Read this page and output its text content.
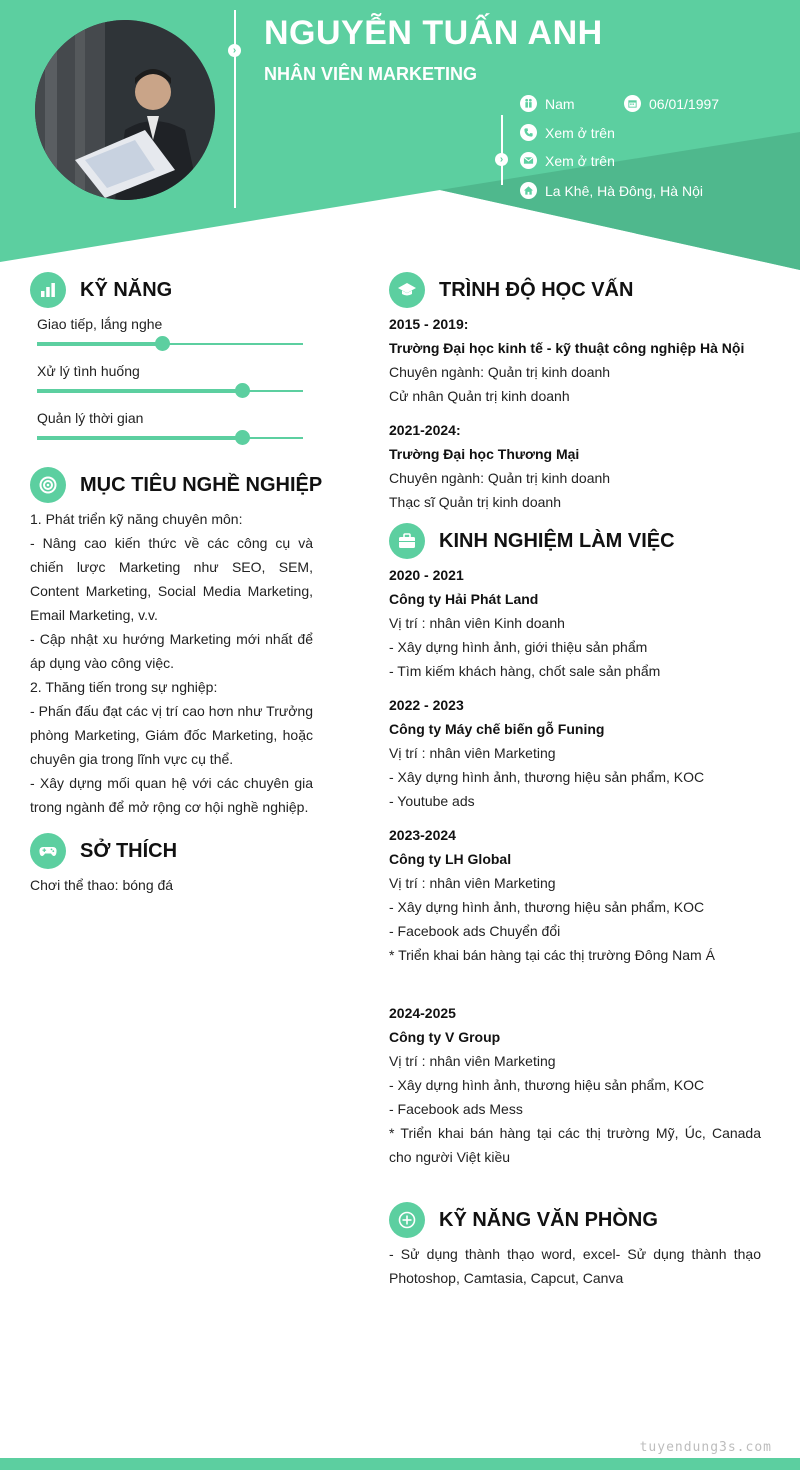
›
›
NGUYỄN TUẤN ANH
NHÂN VIÊN MARKETING
Nam	06/01/1997
Xem ở trên
Xem ở trên
La Khê, Hà Đông, Hà Nội
KỸ NĂNG
Giao tiếp, lắng nghe
Xử lý tình huống
Quản lý thời gian
MỤC TIÊU NGHỀ NGHIỆP

1. Phát triển kỹ năng chuyên môn:

- Nâng cao kiến thức về các công cụ và chiến lược Marketing như SEO, SEM, Content Marketing, Social Media Marketing, Email Marketing, v.v.

- Cập nhật xu hướng Marketing mới nhất để áp dụng vào công việc.

2. Thăng tiến trong sự nghiệp:

- Phấn đấu đạt các vị trí cao hơn như Trưởng phòng Marketing, Giám đốc Marketing, hoặc chuyên gia trong lĩnh vực cụ thể.

- Xây dựng mối quan hệ với các chuyên gia trong ngành để mở rộng cơ hội nghề nghiệp.

SỞ THÍCH

Chơi thể thao: bóng đá

TRÌNH ĐỘ HỌC VẤN

2015 - 2019:

Trường Đại học kinh tế - kỹ thuật công nghiệp Hà Nội

Chuyên ngành: Quản trị kinh doanh

Cử nhân Quản trị kinh doanh

2021-2024:

Trường Đại học Thương Mại

Chuyên ngành: Quản trị kinh doanh

Thạc sĩ Quản trị kinh doanh

KINH NGHIỆM LÀM VIỆC

2020 - 2021

Công ty Hải Phát Land

Vị trí : nhân viên Kinh doanh

- Xây dựng hình ảnh, giới thiệu sản phẩm

- Tìm kiếm khách hàng, chốt sale sản phẩm

2022 - 2023

Công ty Máy chế biến gỗ Funing

Vị trí : nhân viên Marketing

- Xây dựng hình ảnh, thương hiệu sản phẩm, KOC

- Youtube ads

2023-2024

Công ty LH Global

Vị trí : nhân viên Marketing

- Xây dựng hình ảnh, thương hiệu sản phẩm, KOC

- Facebook ads Chuyển đổi

* Triển khai bán hàng tại các thị trường Đông Nam Á

2024-2025

Công ty V Group

Vị trí : nhân viên Marketing

- Xây dựng hình ảnh, thương hiệu sản phẩm, KOC

- Facebook ads Mess

* Triển khai bán hàng tại các thị trường Mỹ, Úc, Canada cho người Việt kiều

KỸ NĂNG VĂN PHÒNG

- Sử dụng thành thạo word, excel- Sử dụng thành thạo Photoshop, Camtasia, Capcut, Canva

tuyendung3s.com
